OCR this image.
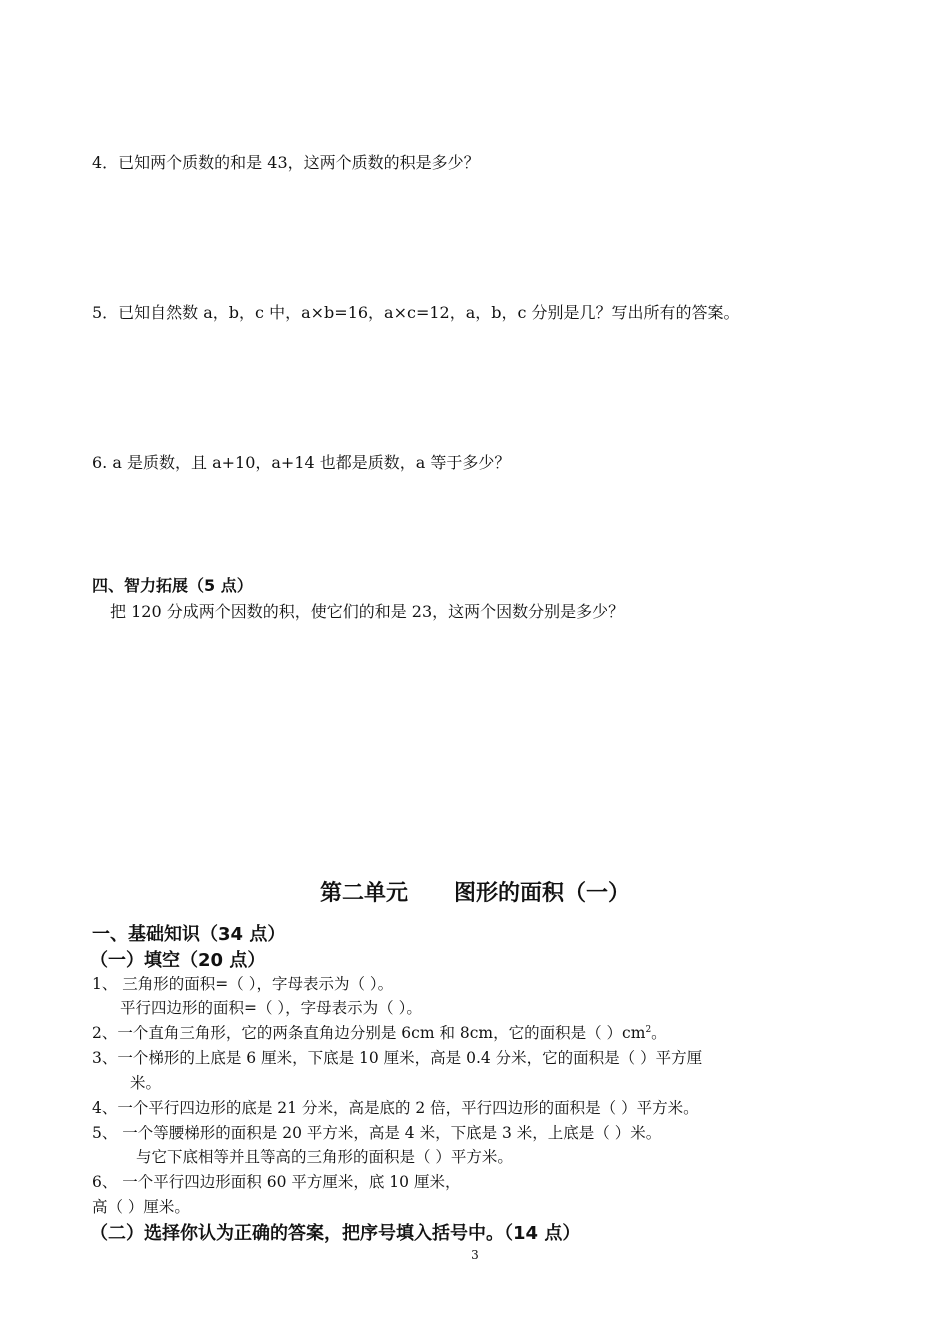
4．已知两个质数的和是 43，这两个质数的积是多少？
5．已知自然数 a，b，c 中，a×b=16，a×c=12，a，b，c 分别是几？写出所有的答案。
6. a 是质数，且 a+10，a+14 也都是质数，a 等于多少？
四、智力拓展（5 点）
把 120 分成两个因数的积，使它们的和是 23，这两个因数分别是多少？
第二单元      图形的面积（一）
一、基础知识（34 点）
（一）填空（20 点）
1、 三角形的面积=（ ），字母表示为（ ）。
平行四边形的面积=（ ），字母表示为（ ）。
2、一个直角三角形，它的两条直角边分别是 6cm 和 8cm，它的面积是（ ）$cm^2$。
3、一个梯形的上底是 6 厘米，下底是 10 厘米，高是 0.4 分米，它的面积是（ ）平方厘
米。
4、一个平行四边形的底是 21 分米，高是底的 2 倍，平行四边形的面积是（ ）平方米。
5、 一个等腰梯形的面积是 20 平方米，高是 4 米，下底是 3 米，上底是（ ）米。
与它下底相等并且等高的三角形的面积是（ ）平方米。
6、 一个平行四边形面积 60 平方厘米，底 10 厘米，
高（ ）厘米。
（二）选择你认为正确的答案，把序号填入括号中。（14 点）
3
